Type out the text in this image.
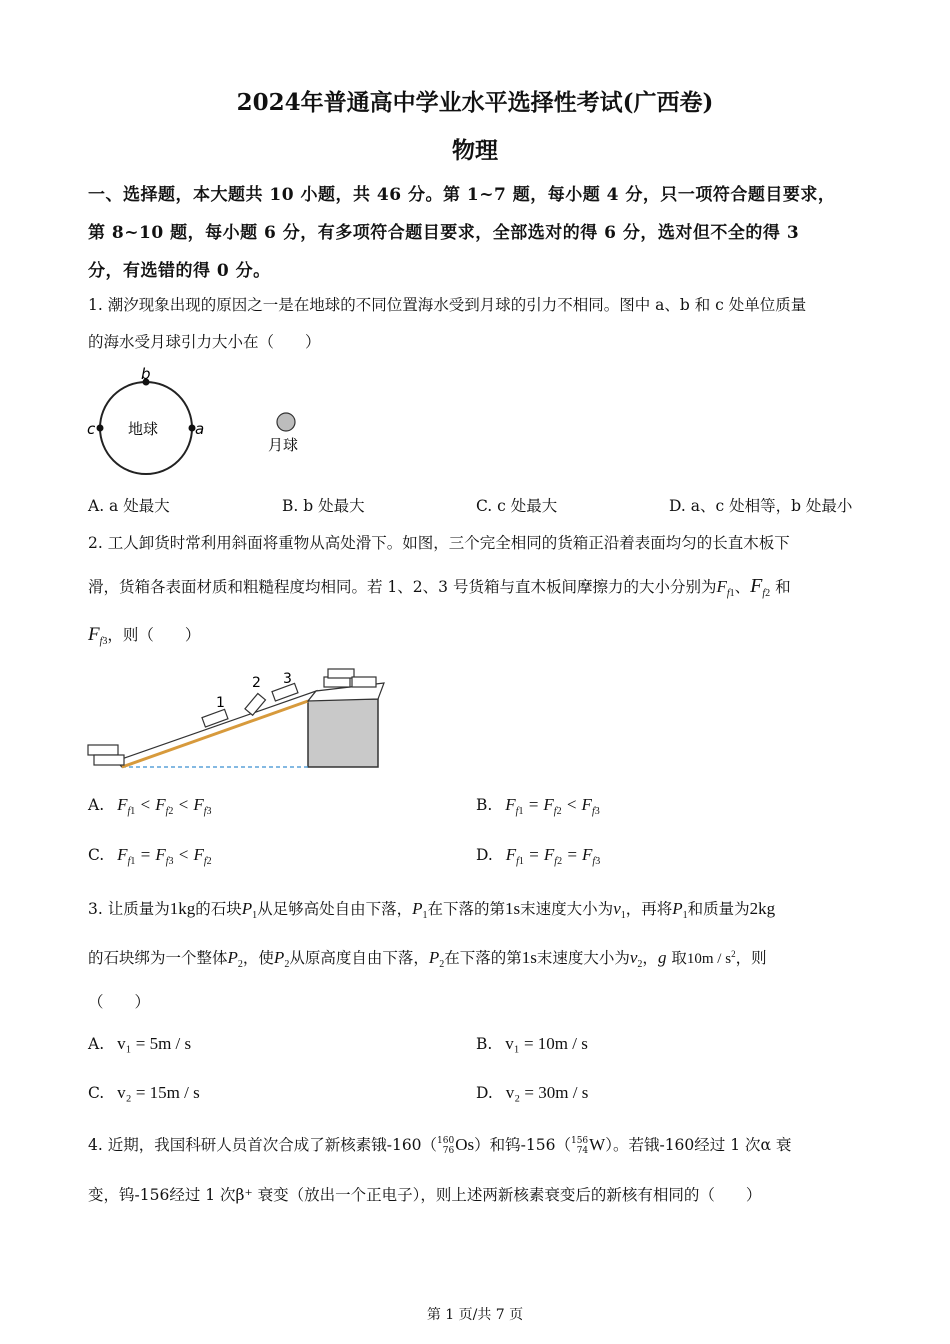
2024年普通高中学业水平选择性考试(广西卷)
物理
一、选择题，本大题共 10 小题，共 46 分。第 1~7 题，每小题 4 分，只一项符合题目要求，
第 8~10 题，每小题 6 分，有多项符合题目要求，全部选对的得 6 分，选对但不全的得 3
分，有选错的得 0 分。
1. 潮汐现象出现的原因之一是在地球的不同位置海水受到月球的引力不相同。图中 a、b 和 c 处单位质量
的海水受月球引力大小在（　　）
b
c	a
地球
月球
A. a 处最大	B. b 处最大	C. c 处最大	D. a、c 处相等，b 处最小
2. 工人卸货时常利用斜面将重物从高处滑下。如图，三个完全相同的货箱正沿着表面均匀的长直木板下
滑，货箱各表面材质和粗糙程度均相同。若 1、2、3 号货箱与直木板间摩擦力的大小分别为$F_{f1}$、$F_{f2}$ 和
$F_{f3}$，则（　　）
1
2 3
A. $F_{f1} < F_{f2} < F_{f3}$	B. $F_{f1} = F_{f2} < F_{f3}$
C. $F_{f1} = F_{f3} < F_{f2}$	D. $F_{f1} = F_{f2} = F_{f3}$
3. 让质量为1kg的石块$P_1$从足够高处自由下落，$P_1$在下落的第1s末速度大小为$v_1$，再将$P_1$和质量为2kg
的石块绑为一个整体$P_2$，使$P_2$从原高度自由下落，$P_2$在下落的第1s末速度大小为$v_2$，g 取$10m / s^2$，则
（　　）
A. v₁ = 5m / s	B. v₁ = 10m / s
C. v₂ = 15m / s	D. v₂ = 30m / s
4. 近期，我国科研人员首次合成了新核素锇-160（160
76Os）和钨-156（156
74W）。若锇-160经过 1 次α 衰
变，钨-156经过 1 次β⁺ 衰变（放出一个正电子），则上述两新核素衰变后的新核有相同的（　　）
第 1 页/共 7 页
